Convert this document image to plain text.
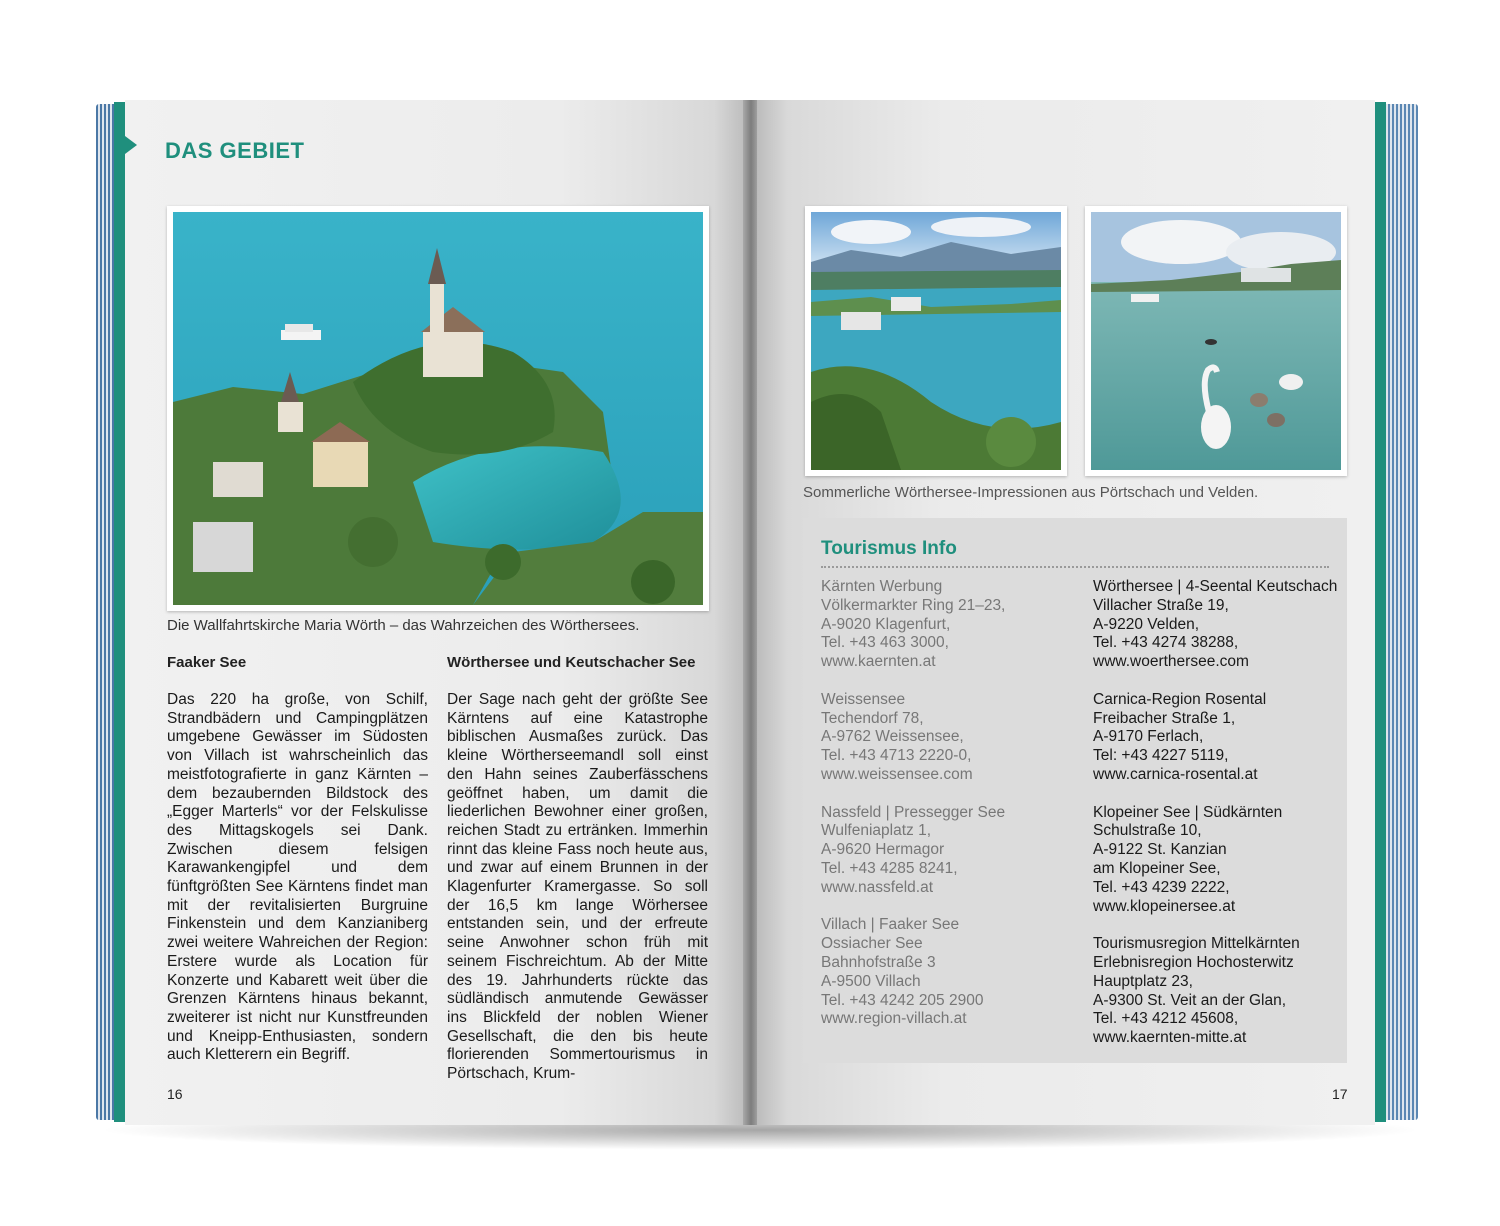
DAS GEBIET
Die Wallfahrtskirche Maria Wörth – das Wahrzeichen des Wörthersees.
Faaker See
Das 220 ha große, von Schilf, Strandbädern und Campingplätzen umgebene Gewässer im Südosten von Villach ist wahrscheinlich das meistfotografierte in ganz Kärnten – dem bezaubernden Bildstock des „Egger Marterls“ vor der Felskulisse des Mittagskogels sei Dank. Zwischen diesem felsigen Karawankengipfel und dem fünftgrößten See Kärntens findet man mit der revitalisierten Burgruine Finkenstein und dem Kanzianiberg zwei weitere Wahreichen der Region: Erstere wurde als Location für Konzerte und Kabarett weit über die Grenzen Kärntens hinaus bekannt, zweiterer ist nicht nur Kunstfreunden und Kneipp-Enthusiasten, sondern auch Kletterern ein Begriff.
Wörthersee und Keutschacher See
Der Sage nach geht der größte See Kärntens auf eine Katastrophe biblischen Ausmaßes zurück. Das kleine Wörtherseemandl soll einst den Hahn seines Zauberfässchens geöffnet haben, um damit die liederlichen Bewohner einer großen, reichen Stadt zu ertränken. Immerhin rinnt das kleine Fass noch heute aus, und zwar auf einem Brunnen in der Klagenfurter Kramergasse. So soll der 16,5 km lange Wörhersee entstanden sein, und der erfreute seine Anwohner schon früh mit seinem Fischreichtum. Ab der Mitte des 19. Jahrhunderts rückte das südländisch anmutende Gewässer ins Blickfeld der noblen Wiener Gesellschaft, die den bis heute florierenden Sommertourismus in Pörtschach, Krum-
16
Sommerliche Wörthersee-Impressionen aus Pörtschach und Velden.
Tourismus Info
Kärnten Werbung
Völkermarkter Ring 21–23,
A-9020 Klagenfurt,
Tel. +43 463 3000,
www.kaernten.at
Weissensee
Techendorf 78,
A-9762 Weissensee,
Tel. +43 4713 2220-0,
www.weissensee.com
Nassfeld | Pressegger See
Wulfeniaplatz 1,
A-9620 Hermagor
Tel. +43 4285 8241,
www.nassfeld.at
Villach | Faaker See
Ossiacher See
Bahnhofstraße 3
A-9500 Villach
Tel. +43 4242 205 2900
www.region-villach.at
Wörthersee | 4-Seental Keutschach
Villacher Straße 19,
A-9220 Velden,
Tel. +43 4274 38288,
www.woerthersee.com
Carnica-Region Rosental
Freibacher Straße 1,
A-9170 Ferlach,
Tel: +43 4227 5119,
www.carnica-rosental.at
Klopeiner See | Südkärnten
Schulstraße 10,
A-9122 St. Kanzian
am Klopeiner See,
Tel. +43 4239 2222,
www.klopeinersee.at
Tourismusregion Mittelkärnten
Erlebnisregion Hochosterwitz
Hauptplatz 23,
A-9300 St. Veit an der Glan,
Tel. +43 4212 45608,
www.kaernten-mitte.at
17
